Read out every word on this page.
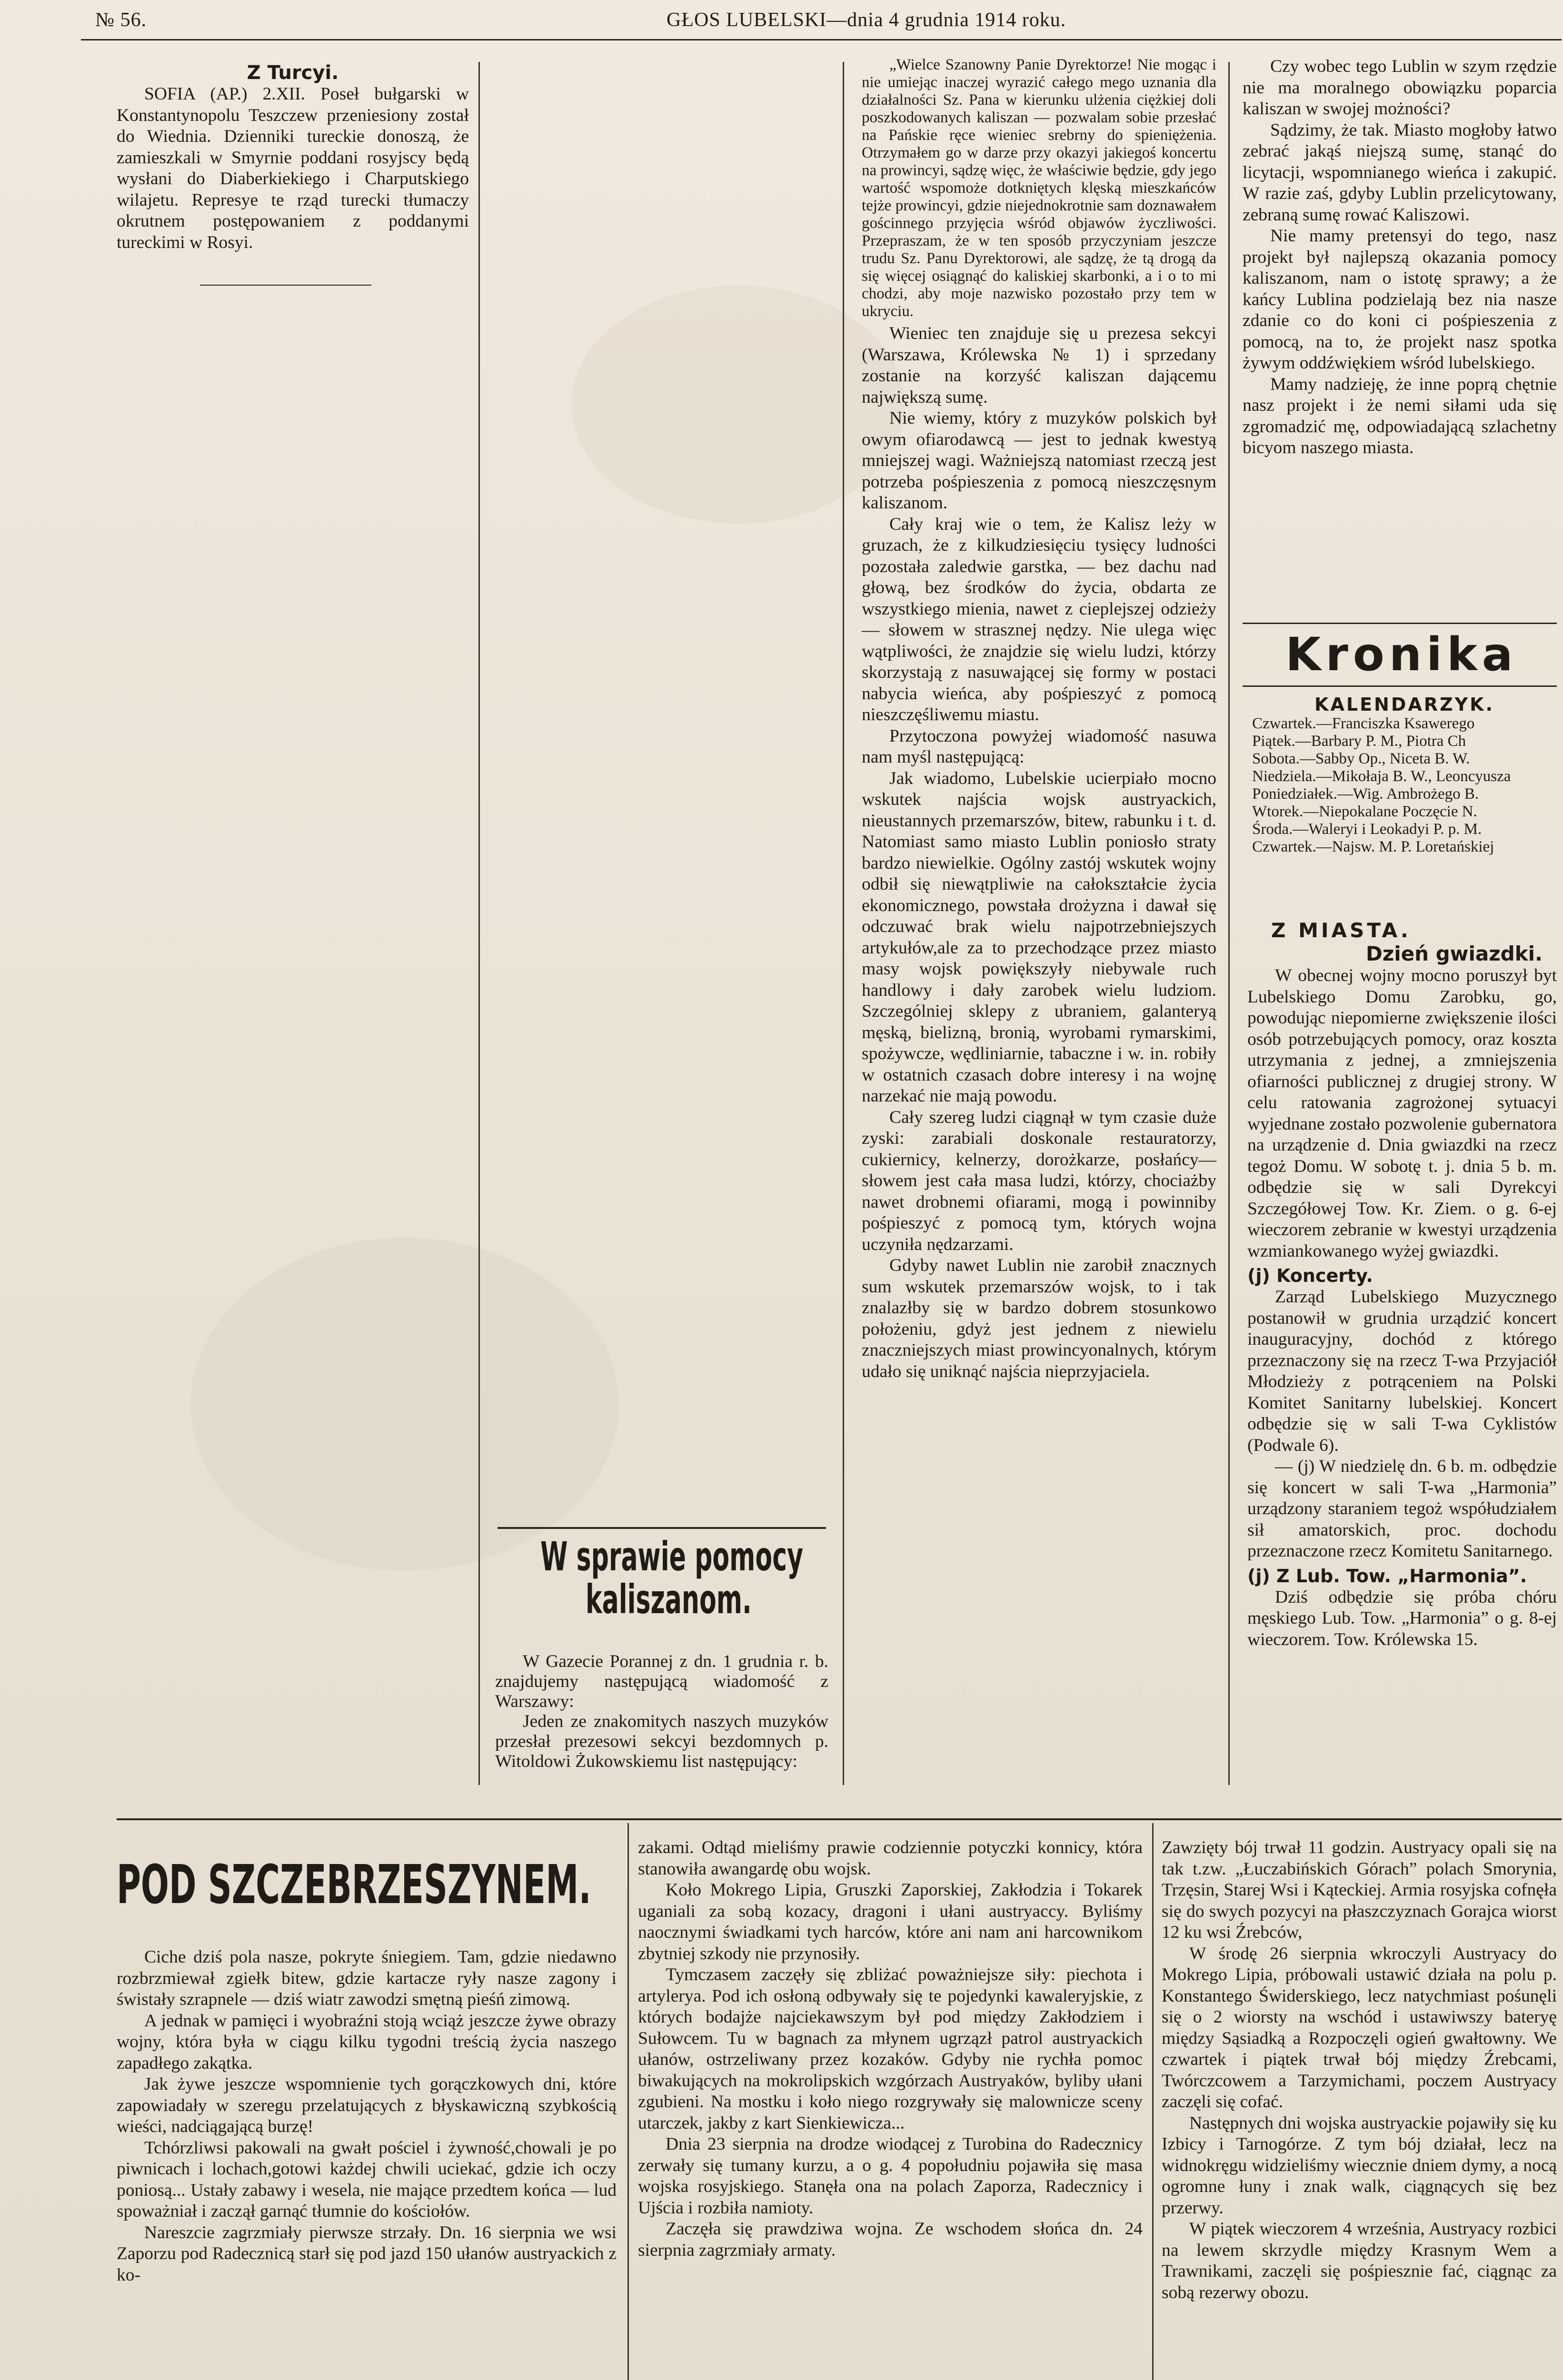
№ 56.	GŁOS LUBELSKI—dnia 4 grudnia 1914 roku.
Z Turcyi.

SOFIA (AP.) 2.XII. Poseł bułgarski w Konstantynopolu Teszczew przeniesiony został do Wiednia. Dzienniki tureckie donoszą, że zamieszkali w Smyrnie poddani rosyjscy będą wysłani do Diaberkiekiego i Charputskiego wilajetu. Represye te rząd turecki tłumaczy okrutnem postępowaniem z poddanymi tureckimi w Rosyi.

W sprawie pomocy kaliszanom.

W Gazecie Porannej z dn. 1 grudnia r. b. znajdujemy następującą wiadomość z Warszawy:

Jeden ze znakomitych naszych muzyków przesłał prezesowi sekcyi bezdomnych p. Witoldowi Żukowskiemu list następujący:

„Wielce Szanowny Panie Dyrektorze! Nie mogąc i nie umiejąc inaczej wyrazić całego mego uznania dla działalności Sz. Pana w kierunku ulżenia ciężkiej doli poszkodowanych kaliszan — pozwalam sobie przesłać na Pańskie ręce wieniec srebrny do spieniężenia. Otrzymałem go w darze przy okazyi jakiegoś koncertu na prowincyi, sądzę więc, że właściwie będzie, gdy jego wartość wspomoże dotkniętych klęską mieszkańców tejże prowincyi, gdzie niejednokrotnie sam doznawałem gościnnego przyjęcia wśród objawów życzliwości. Przepraszam, że w ten sposób przyczyniam jeszcze trudu Sz. Panu Dyrektorowi, ale sądzę, że tą drogą da się więcej osiągnąć do kaliskiej skarbonki, a i o to mi chodzi, aby moje nazwisko pozostało przy tem w ukryciu.

Wieniec ten znajduje się u prezesa sekcyi (Warszawa, Królewska № 1) i sprzedany zostanie na korzyść kaliszan dającemu największą sumę.

Nie wiemy, który z muzyków polskich był owym ofiarodawcą — jest to jednak kwestyą mniejszej wagi. Ważniejszą natomiast rzeczą jest potrzeba pośpieszenia z pomocą nieszczęsnym kaliszanom.

Cały kraj wie o tem, że Kalisz leży w gruzach, że z kilkudziesięciu tysięcy ludności pozostała zaledwie garstka, — bez dachu nad głową, bez środków do życia, obdarta ze wszystkiego mienia, nawet z cieplejszej odzieży — słowem w strasznej nędzy. Nie ulega więc wątpliwości, że znajdzie się wielu ludzi, którzy skorzystają z nasuwającej się formy w postaci nabycia wieńca, aby pośpieszyć z pomocą nieszczęśliwemu miastu.

Przytoczona powyżej wiadomość nasuwa nam myśl następującą:

Jak wiadomo, Lubelskie ucierpiało mocno wskutek najścia wojsk austryackich, nieustannych przemarszów, bitew, rabunku i t. d. Natomiast samo miasto Lublin poniosło straty bardzo niewielkie. Ogólny zastój wskutek wojny odbił się niewątpliwie na całokształcie życia ekonomicznego, powstała drożyzna i dawał się odczuwać brak wielu najpotrzebniejszych artykułów,ale za to przechodzące przez miasto masy wojsk powiększyły niebywale ruch handlowy i dały zarobek wielu ludziom. Szczególniej sklepy z ubraniem, galanteryą męską, bielizną, bronią, wyrobami rymarskimi, spożywcze, wędliniarnie, tabaczne i w. in. robiły w ostatnich czasach dobre interesy i na wojnę narzekać nie mają powodu.

Cały szereg ludzi ciągnął w tym czasie duże zyski: zarabiali doskonale restauratorzy, cukiernicy, kelnerzy, dorożkarze, posłańcy—słowem jest cała masa ludzi, którzy, chociażby nawet drobnemi ofiarami, mogą i powinniby pośpieszyć z pomocą tym, których wojna uczyniła nędzarzami.

Gdyby nawet Lublin nie zarobił znacznych sum wskutek przemarszów wojsk, to i tak znalazłby się w bardzo dobrem stosunkowo położeniu, gdyż jest jednem z niewielu znaczniejszych miast prowincyonalnych, którym udało się uniknąć najścia nieprzyjaciela.

Czy wobec tego Lublin w szym rzędzie nie ma moralnego obowiązku poparcia kaliszan w swojej możności?

Sądzimy, że tak. Miasto mogłoby łatwo zebrać jakąś niejszą sumę, stanąć do licytacji, wspomnianego wieńca i zakupić. W razie zaś, gdyby Lublin przelicytowany, zebraną sumę rować Kaliszowi.

Nie mamy pretensyi do tego, nasz projekt był najlepszą okazania pomocy kaliszanom, nam o istotę sprawy; a że kańcy Lublina podzielają bez nia nasze zdanie co do koni ci pośpieszenia z pomocą, na to, że projekt nasz spotka żywym oddźwiękiem wśród lubelskiego.

Mamy nadzieję, że inne poprą chętnie nasz projekt i że nemi siłami uda się zgromadzić mę, odpowiadającą szlachetny bicyom naszego miasta.

Kronika
KALENDARZYK.
Czwartek.—Franciszka Ksawerego
Piątek.—Barbary P. M., Piotra Ch
Sobota.—Sabby Op., Niceta B. W.
Niedziela.—Mikołaja B. W., Leoncyusza
Poniedziałek.—Wig. Ambrożego B.
Wtorek.—Niepokalane Poczęcie N.
Środa.—Waleryi i Leokadyi P. p. M.
Czwartek.—Najsw. M. P. Loretańskiej
Z MIASTA.
Dzień gwiazdki.

W obecnej wojny mocno poruszył byt Lubelskiego Domu Zarobku, go, powodując niepomierne zwiększenie ilości osób potrzebujących pomocy, oraz koszta utrzymania z jednej, a zmniejszenia ofiarności publicznej z drugiej strony. W celu ratowania zagrożonej sytuacyi wyjednane zostało pozwolenie gubernatora na urządzenie d. Dnia gwiazdki na rzecz tegoż Domu. W sobotę t. j. dnia 5 b. m. odbędzie się w sali Dyrekcyi Szczegółowej Tow. Kr. Ziem. o g. 6-ej wieczorem zebranie w kwestyi urządzenia wzmiankowanego wyżej gwiazdki.

(j) Koncerty.

Zarząd Lubelskiego Muzycznego postanowił w grudnia urządzić koncert inauguracyjny, dochód z którego przeznaczony się na rzecz T-wa Przyjaciół Młodzieży z potrąceniem na Polski Komitet Sanitarny lubelskiej. Koncert odbędzie się w sali T-wa Cyklistów (Podwale 6).

— (j) W niedzielę dn. 6 b. m. odbędzie się koncert w sali T-wa „Harmonia” urządzony staraniem tegoż współudziałem sił amatorskich, proc. dochodu przeznaczone rzecz Komitetu Sanitarnego.

(j) Z Lub. Tow. „Harmonia”.

Dziś odbędzie się próba chóru męskiego Lub. Tow. „Harmonia” o g. 8-ej wieczorem. Tow. Królewska 15.

POD SZCZEBRZESZYNEM.

Ciche dziś pola nasze, pokryte śniegiem. Tam, gdzie niedawno rozbrzmiewał zgiełk bitew, gdzie kartacze ryły nasze zagony i świstały szrapnele — dziś wiatr zawodzi smętną pieśń zimową.

A jednak w pamięci i wyobraźni stoją wciąż jeszcze żywe obrazy wojny, która była w ciągu kilku tygodni treścią życia naszego zapadłego zakątka.

Jak żywe jeszcze wspomnienie tych gorączkowych dni, które zapowiadały w szeregu przelatujących z błyskawiczną szybkością wieści, nadciągającą burzę!

Tchórzliwsi pakowali na gwałt pościel i żywność,chowali je po piwnicach i lochach,gotowi każdej chwili uciekać, gdzie ich oczy poniosą... Ustały zabawy i wesela, nie mające przedtem końca — lud spoważniał i zaczął garnąć tłumnie do kościołów.

Nareszcie zagrzmiały pierwsze strzały. Dn. 16 sierpnia we wsi Zaporzu pod Radecznicą starł się pod jazd 150 ułanów austryackich z ko-

zakami. Odtąd mieliśmy prawie codziennie potyczki konnicy, która stanowiła awangardę obu wojsk.

Koło Mokrego Lipia, Gruszki Zaporskiej, Zakłodzia i Tokarek uganiali za sobą kozacy, dragoni i ułani austryaccy. Byliśmy naocznymi świadkami tych harców, które ani nam ani harcownikom zbytniej szkody nie przynosiły.

Tymczasem zaczęły się zbliżać poważniejsze siły: piechota i artylerya. Pod ich osłoną odbywały się te pojedynki kawaleryjskie, z których bodajże najciekawszym był pod między Zakłodziem i Sułowcem. Tu w bagnach za młynem ugrzązł patrol austryackich ułanów, ostrzeliwany przez kozaków. Gdyby nie rychła pomoc biwakujących na mokrolipskich wzgórzach Austryaków, byliby ułani zgubieni. Na mostku i koło niego rozgrywały się malownicze sceny utarczek, jakby z kart Sienkiewicza...

Dnia 23 sierpnia na drodze wiodącej z Turobina do Radecznicy zerwały się tumany kurzu, a o g. 4 popołudniu pojawiła się masa wojska rosyjskiego. Stanęła ona na polach Zaporza, Radecznicy i Ujścia i rozbiła namioty.

Zaczęła się prawdziwa wojna. Ze wschodem słońca dn. 24 sierpnia zagrzmiały armaty.

Zawzięty bój trwał 11 godzin. Austryacy opali się na tak t.zw. „Łuczabińskich Górach” polach Smorynia, Trzęsin, Starej Wsi i Kąteckiej. Armia rosyjska cofnęła się do swych pozycyi na płaszczyznach Gorajca wiorst 12 ku wsi Źrebców,

W środę 26 sierpnia wkroczyli Austryacy do Mokrego Lipia, próbowali ustawić działa na polu p. Konstantego Świderskiego, lecz natychmiast pośunęli się o 2 wiorsty na wschód i ustawiwszy bateryę między Sąsiadką a Rozpoczęli ogień gwałtowny. We czwartek i piątek trwał bój między Źrebcami, Twórczcowem a Tarzymichami, poczem Austryacy zaczęli się cofać.

Następnych dni wojska austryackie pojawiły się ku Izbicy i Tarnogórze. Z tym bój działał, lecz na widnokręgu widzieliśmy wiecznie dniem dymy, a nocą ogromne łuny i znak walk, ciągnących się bez przerwy.

W piątek wieczorem 4 września, Austryacy rozbici na lewem skrzydle między Krasnym Wem a Trawnikami, zaczęli się pośpiesznie fać, ciągnąc za sobą rezerwy obozu.
